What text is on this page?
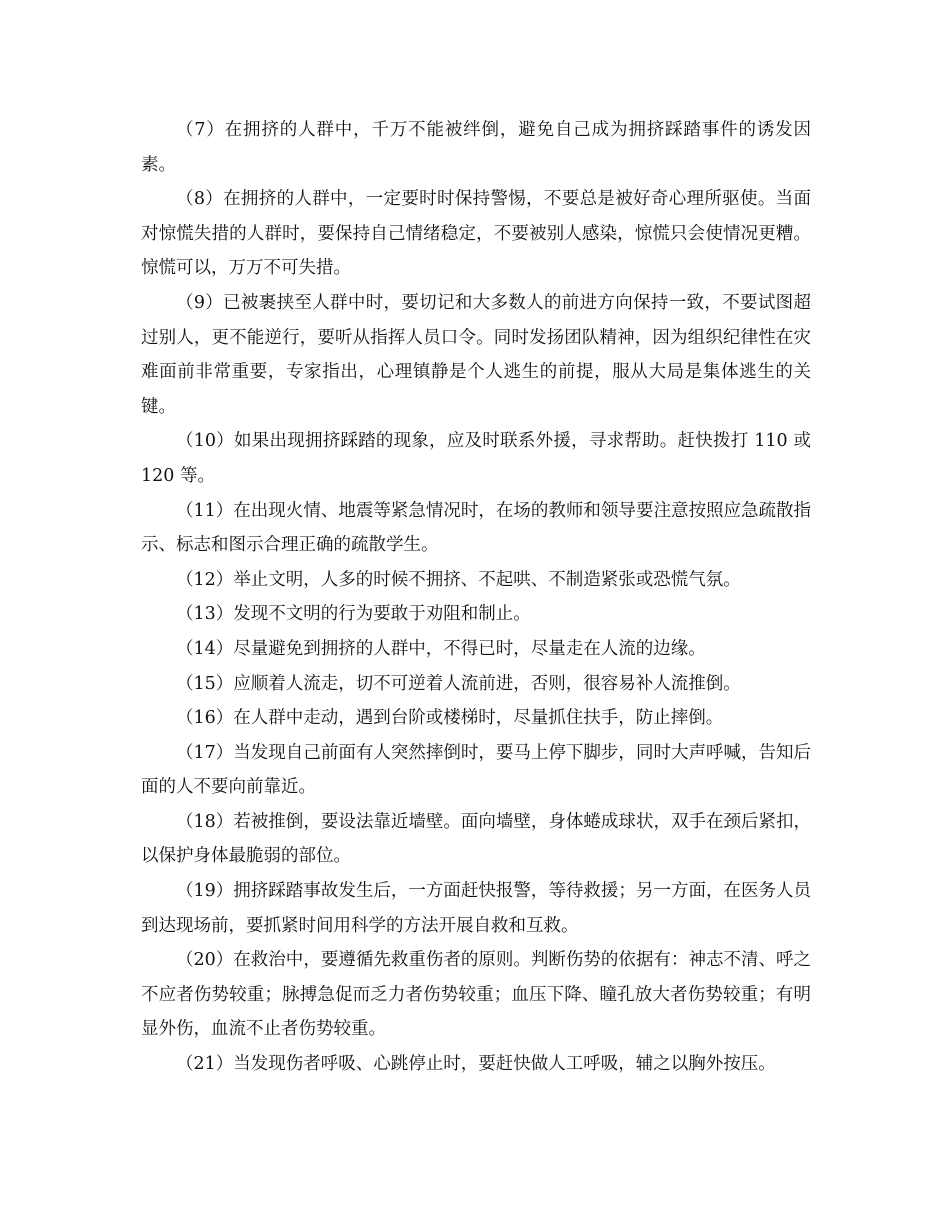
（7）在拥挤的人群中，千万不能被绊倒，避免自己成为拥挤踩踏事件的诱发因素。

（8）在拥挤的人群中，一定要时时保持警惕，不要总是被好奇心理所驱使。当面对惊慌失措的人群时，要保持自己情绪稳定，不要被别人感染，惊慌只会使情况更糟。惊慌可以，万万不可失措。

（9）已被裹挟至人群中时，要切记和大多数人的前进方向保持一致，不要试图超过别人，更不能逆行，要听从指挥人员口令。同时发扬团队精神，因为组织纪律性在灾难面前非常重要，专家指出，心理镇静是个人逃生的前提，服从大局是集体逃生的关键。

（10）如果出现拥挤踩踏的现象，应及时联系外援，寻求帮助。赶快拨打 110 或 120 等。

（11）在出现火情、地震等紧急情况时，在场的教师和领导要注意按照应急疏散指示、标志和图示合理正确的疏散学生。

（12）举止文明，人多的时候不拥挤、不起哄、不制造紧张或恐慌气氛。

（13）发现不文明的行为要敢于劝阻和制止。

（14）尽量避免到拥挤的人群中，不得已时，尽量走在人流的边缘。

（15）应顺着人流走，切不可逆着人流前进，否则，很容易补人流推倒。

（16）在人群中走动，遇到台阶或楼梯时，尽量抓住扶手，防止摔倒。

（17）当发现自己前面有人突然摔倒时，要马上停下脚步，同时大声呼喊，告知后面的人不要向前靠近。

（18）若被推倒，要设法靠近墙壁。面向墙壁，身体蜷成球状，双手在颈后紧扣，以保护身体最脆弱的部位。

（19）拥挤踩踏事故发生后，一方面赶快报警，等待救援；另一方面，在医务人员到达现场前，要抓紧时间用科学的方法开展自救和互救。

（20）在救治中，要遵循先救重伤者的原则。判断伤势的依据有：神志不清、呼之不应者伤势较重；脉搏急促而乏力者伤势较重；血压下降、瞳孔放大者伤势较重；有明显外伤，血流不止者伤势较重。

（21）当发现伤者呼吸、心跳停止时，要赶快做人工呼吸，辅之以胸外按压。
